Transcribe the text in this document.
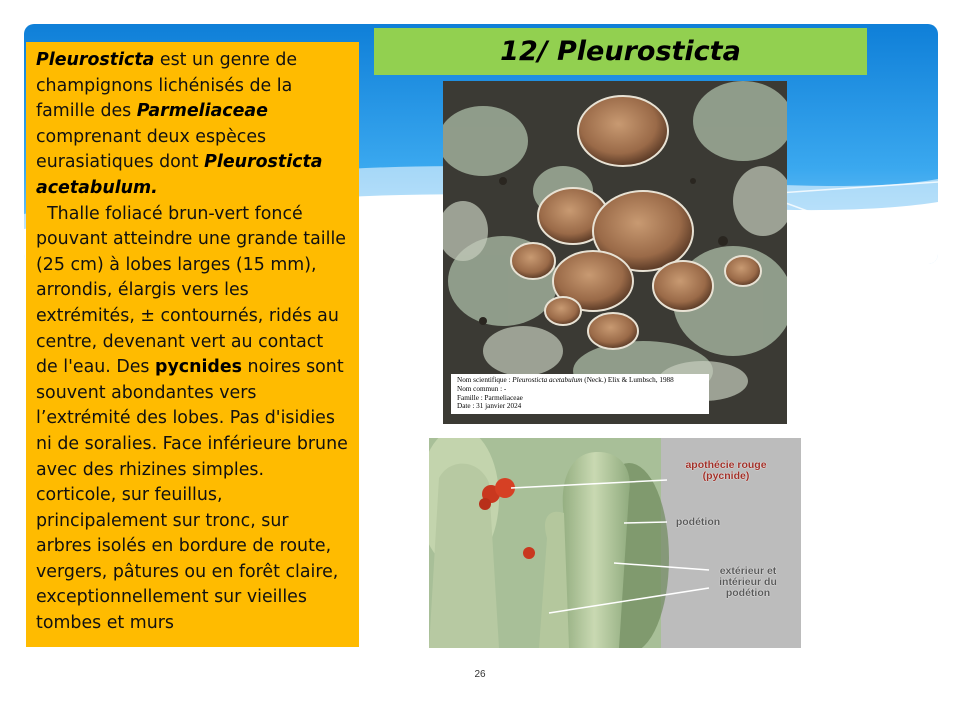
12/ Pleurosticta

Pleurosticta est un genre de champignons lichénisés de la famille des Parmeliaceae comprenant deux espèces eurasiatiques dont Pleurosticta acetabulum.

Thalle foliacé brun-vert foncé pouvant atteindre une grande taille (25 cm) à lobes larges (15 mm), arrondis, élargis vers les extrémités, ± contournés, ridés au centre, devenant vert au contact de l'eau. Des pycnides noires sont souvent abondantes vers l’extrémité des lobes. Pas d'isidies ni de soralies. Face inférieure brune avec des rhizines simples. corticole, sur feuillus, principalement sur tronc, sur arbres isolés en bordure de route, vergers, pâtures ou en forêt claire, exceptionnellement sur vieilles tombes et murs

Nom scientifique : Pleurosticta acetabulum (Neck.) Elix & Lumbsch, 1988
Nom commun : -
Famille : Parmeliaceae
Date : 31 janvier 2024
apothécie rouge
(pycnide)
podétion
extérieur et
intérieur du
podétion
26
